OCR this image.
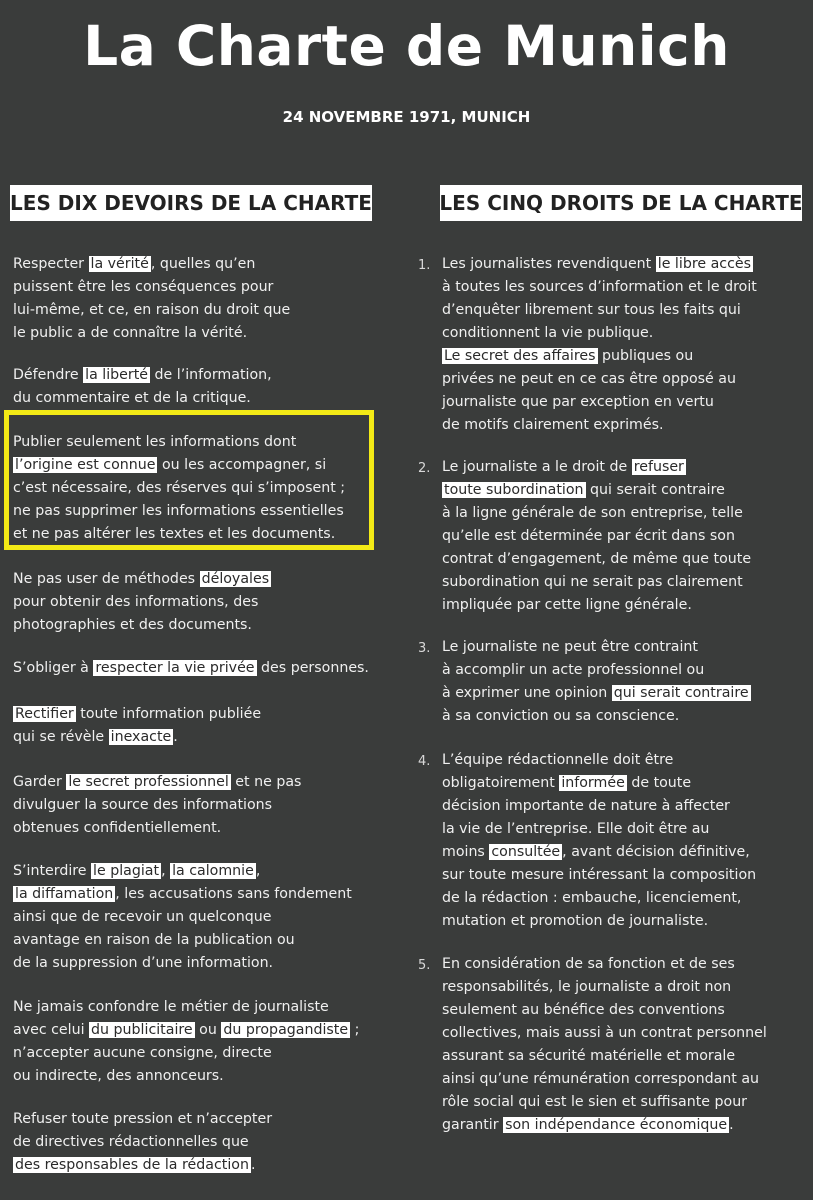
La Charte de Munich
24 NOVEMBRE 1971, MUNICH
LES DIX DEVOIRS DE LA CHARTE	LES CINQ DROITS DE LA CHARTE

Respecter la vérité , quelles qu’en

puissent être les conséquences pour

lui-même, et ce, en raison du droit que

le public a de connaître la vérité.

Défendre la liberté de l’information,

du commentaire et de la critique.

Publier seulement les informations dont

l’origine est connue ou les accompagner, si

c’est nécessaire, des réserves qui s’imposent ;

ne pas supprimer les informations essentielles

et ne pas altérer les textes et les documents.

Ne pas user de méthodes déloyales

pour obtenir des informations, des

photographies et des documents.

S’obliger à respecter la vie privée des personnes.

Rectifier toute information publiée

qui se révèle inexacte .

Garder le secret professionnel et ne pas

divulguer la source des informations

obtenues confidentiellement.

S’interdire le plagiat , la calomnie ,

la diffamation , les accusations sans fondement

ainsi que de recevoir un quelconque

avantage en raison de la publication ou

de la suppression d’une information.

Ne jamais confondre le métier de journaliste

avec celui du publicitaire ou du propagandiste ;

n’accepter aucune consigne, directe

ou indirecte, des annonceurs.

Refuser toute pression et n’accepter

de directives rédactionnelles que

des responsables de la rédaction .

1. Les journalistes revendiquent le libre accès

à toutes les sources d’information et le droit

d’enquêter librement sur tous les faits qui

conditionnent la vie publique.

Le secret des affaires publiques ou

privées ne peut en ce cas être opposé au

journaliste que par exception en vertu

de motifs clairement exprimés.

2. Le journaliste a le droit de refuser

toute subordination qui serait contraire

à la ligne générale de son entreprise, telle

qu’elle est déterminée par écrit dans son

contrat d’engagement, de même que toute

subordination qui ne serait pas clairement

impliquée par cette ligne générale.

3. Le journaliste ne peut être contraint

à accomplir un acte professionnel ou

à exprimer une opinion qui serait contraire

à sa conviction ou sa conscience.

4. L’équipe rédactionnelle doit être

obligatoirement informée de toute

décision importante de nature à affecter

la vie de l’entreprise. Elle doit être au

moins consultée , avant décision définitive,

sur toute mesure intéressant la composition

de la rédaction : embauche, licenciement,

mutation et promotion de journaliste.

5. En considération de sa fonction et de ses

responsabilités, le journaliste a droit non

seulement au bénéfice des conventions

collectives, mais aussi à un contrat personnel

assurant sa sécurité matérielle et morale

ainsi qu’une rémunération correspondant au

rôle social qui est le sien et suffisante pour

garantir son indépendance économique .
